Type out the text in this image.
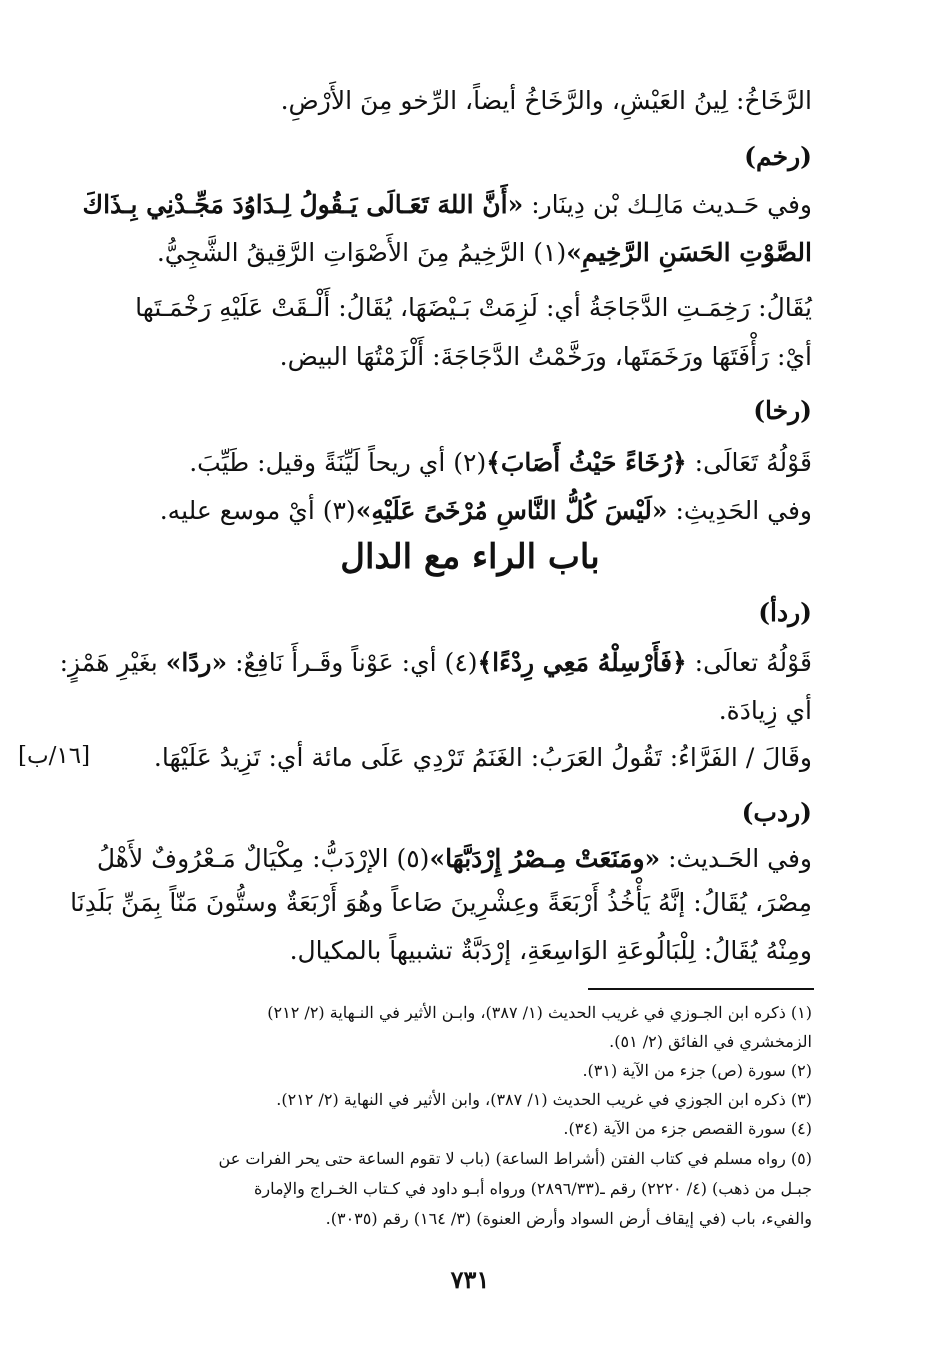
الرَّخَاخُ: لِينُ العَيْشِ، والرَّخَاخُ أيضاً، الرِّخو مِنَ الأَرْضِ.
(رخم)
وفي حَـديث مَالِـك بْن دِينَار: «أَنَّ اللهَ تَعَـالَى يَـقُولُ لِـدَاوُدَ مَجِّـدْنِي بِـذَاكَ
الصَّوْتِ الحَسَنِ الرَّخِيمِ»(١) الرَّخِيمُ مِنَ الأَصْوَاتِ الرَّقِيقُ الشَّجِيُّ.
يُقَالُ: رَخِمَـتِ الدَّجَاجَةُ أي: لَزِمَتْ بَـيْضَهَا، يُقَالُ: أَلْـقَتْ عَلَيْهِ رَخْمَـتَها
أيْ: رَأْفَتَهَا ورَخَمَتَها، ورَخَّمْتُ الدَّجَاجَةَ: أَلْزَمْتُهَا البيض.
(رخا)
قَوْلُهُ تَعَالَى: ﴿رُخَاءً حَيْثُ أَصَابَ﴾(٢) أي ريحاً لَيِّنَةً وقيل: طَيِّبَ.
وفي الحَدِيثِ: «لَيْسَ كُلُّ النَّاسِ مُرْخَىً عَلَيْهِ»(٣) أيْ موسع عليه.
باب الراء مع الدال
(ردأ)
قَوْلُهُ تعالَى: ﴿فَأَرْسِلْهُ مَعِي رِدْءًا﴾(٤) أي: عَوْناً وقَـرأَ نَافِعٌ: «ردًا» بغَيْرِ هَمْزٍ:
أي زِيادَة.
وقَالَ / الفَرَّاءُ: تَقُولُ العَرَبُ: الغَنَمُ تَرْدِي عَلَى مائة أي: تَزِيدُ عَلَيْهَا.
[١٦/ب]
(ردب)
وفي الحَـديث: «ومَنَعَتْ مِـصْرُ إِرْدَبَّهَا»(٥) الإرْدَبُّ: مِكْيَالٌ مَـعْرُوفٌ لأَهْلُ
مِصْرَ، يُقَالُ: إنَّهُ يَأْخُذُ أَرْبَعَةً وعِشْرِينَ صَاعاً وهُوَ أَرْبَعَةٌ وستُّونَ مَنّاً بِمَنِّ بَلَدِنَا
ومِنْهُ يُقَالُ: لِلْبَالُوعَةِ الوَاسِعَةِ، إرْدَبَّةٌ تشبيهاً بالمكيال.
(١) ذكره ابن الجـوزي في غريب الحديث (١/ ٣٨٧)، وابـن الأثير في النـهاية (٢/ ٢١٢)
الزمخشري في الفائق (٢/ ٥١).
(٢) سورة (ص) جزء من الآية (٣١).
(٣) ذكره ابن الجوزي في غريب الحديث (١/ ٣٨٧)، وابن الأثير في النهاية (٢/ ٢١٢).
(٤) سورة القصص جزء من الآية (٣٤).
(٥) رواه مسلم في كتاب الفتن (أشراط الساعة) (باب لا تقوم الساعة حتى يحر الفرات عن
جبـل من ذهب) (٤/ ٢٢٢٠) رقم ـ(٢٨٩٦/٣٣) ورواه أبـو داود في كـتاب الخـراج والإمارة
والفيء، باب (في إيقاف أرض السواد وأرض العنوة) (٣/ ١٦٤) رقم (٣٠٣٥).
٧٣١
